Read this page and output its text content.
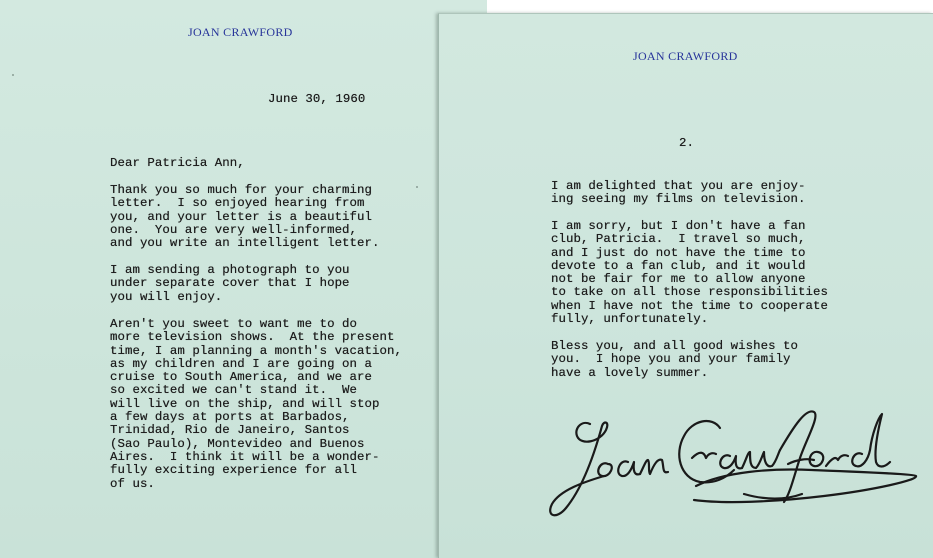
JOAN CRAWFORD
June 30, 1960
Dear Patricia Ann,
Thank you so much for your charming
letter.  I so enjoyed hearing from
you, and your letter is a beautiful
one.  You are very well-informed,
and you write an intelligent letter.
I am sending a photograph to you
under separate cover that I hope
you will enjoy.
Aren't you sweet to want me to do
more television shows.  At the present
time, I am planning a month's vacation,
as my children and I are going on a
cruise to South America, and we are
so excited we can't stand it.  We
will live on the ship, and will stop
a few days at ports at Barbados,
Trinidad, Rio de Janeiro, Santos
(Sao Paulo), Montevideo and Buenos
Aires.  I think it will be a wonder-
fully exciting experience for all
of us.
JOAN CRAWFORD
2.
I am delighted that you are enjoy-
ing seeing my films on television.
I am sorry, but I don't have a fan
club, Patricia.  I travel so much,
and I just do not have the time to
devote to a fan club, and it would
not be fair for me to allow anyone
to take on all those responsibilities
when I have not the time to cooperate
fully, unfortunately.
Bless you, and all good wishes to
you.  I hope you and your family
have a lovely summer.
